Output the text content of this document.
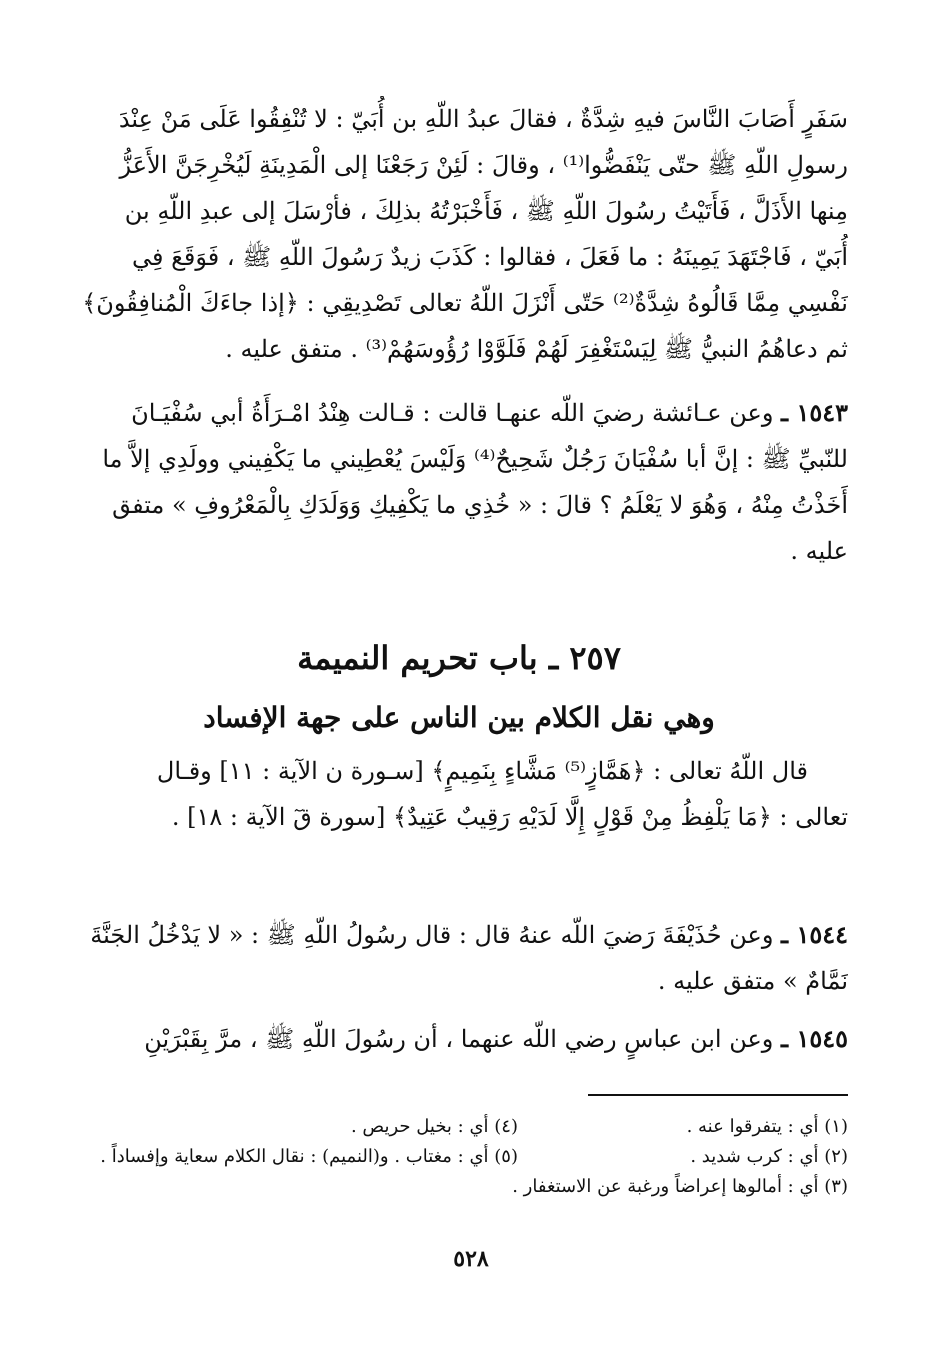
سَفَرٍ أَصَابَ النَّاسَ فيهِ شِدَّةٌ ، فقالَ عبدُ اللّهِ بن أُبَيّ : لا تُنْفِقُوا عَلَى مَنْ عِنْدَ
رسولِ اللّهِ ﷺ حتّى يَنْفَضُّوا⁽¹⁾ ، وقالَ : لَئِنْ رَجَعْنَا إلى الْمَدِينَةِ لَيُخْرِجَنَّ الأَعَزُّ
مِنها الأَذَلَّ ، فَأَتَيْتُ رسُولَ اللّهِ ﷺ ، فَأَخْبَرْتُهُ بذلِكَ ، فأرْسَلَ إلى عبدِ اللّهِ بن
أُبَيّ ، فَاجْتَهَدَ يَمِينَهُ : ما فَعَلَ ، فقالوا : كَذَبَ زيدٌ رَسُولَ اللّهِ ﷺ ، فَوَقَعَ فِي
نَفْسِي مِمَّا قَالُوهُ شِدَّةٌ⁽²⁾ حَتّى أَنْزَلَ اللّهُ تعالى تَصْدِيقِي : ﴿إذا جاءَكَ الْمُنافِقُونَ﴾
ثم دعاهُمُ النبيُّ ﷺ لِيَسْتَغْفِرَ لَهُمْ فَلَوَّوْا رُؤُوسَهُمْ⁽³⁾ . متفق عليه .
١٥٤٣ ـ وعن عـائشة رضيَ اللّه عنهـا قالت : قـالت هِنْدُ امْـرَأَةُ أبي سُفْيَـانَ
للنّبيِّ ﷺ : إنَّ أبا سُفْيَانَ رَجُلٌ شَحِيحٌ⁽⁴⁾ وَلَيْسَ يُعْطِيني ما يَكْفِيني وولَدِي إلاَّ ما
أَخَذْتُ مِنْهُ ، وَهُوَ لا يَعْلَمُ ؟ قالَ : « خُذِي ما يَكْفِيكِ وَوَلَدَكِ بِالْمَعْرُوفِ » متفق
عليه .
٢٥٧ ـ باب تحريم النميمة
وهي نقل الكلام بين الناس على جهة الإفساد
قال اللّهُ تعالى : ﴿هَمَّازٍ⁽⁵⁾ مَشَّاءٍ بِنَمِيمٍ﴾ [سـورة ن الآية : ١١] وقـال
تعالى : ﴿مَا يَلْفِظُ مِنْ قَوْلٍ إِلَّا لَدَيْهِ رَقِيبٌ عَتِيدٌ﴾ [سورة قٓ الآية : ١٨] .
١٥٤٤ ـ وعن حُذَيْفَةَ رَضيَ اللّه عنهُ قال : قال رسُولُ اللّهِ ﷺ : « لا يَدْخُلُ الجَنَّةَ
نَمَّامٌ » متفق عليه .
١٥٤٥ ـ وعن ابن عباسٍ رضي اللّه عنهما ، أن رسُولَ اللّهِ ﷺ ، مرَّ بِقَبْرَيْنِ
(١) أي : يتفرقوا عنه .
(٤) أي : بخيل حريص .
(٢) أي : كرب شديد .
(٥) أي : مغتاب . و(النميم) : نقال الكلام سعاية وإفساداً .
(٣) أي : أمالوها إعراضاً ورغبة عن الاستغفار .
٥٢٨
